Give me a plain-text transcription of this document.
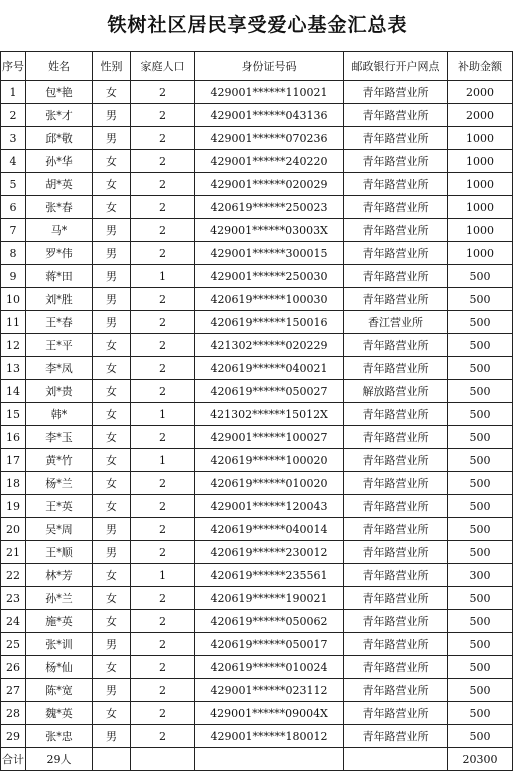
铁树社区居民享受爱心基金汇总表
序号	姓名	性别	家庭人口	身份证号码	邮政银行开户网点	补助金额
1	包*艳	女	2	429001******110021	青年路营业所	2000
2	张*才	男	2	429001******043136	青年路营业所	2000
3	邱*敬	男	2	429001******070236	青年路营业所	1000
4	孙*华	女	2	429001******240220	青年路营业所	1000
5	胡*英	女	2	429001******020029	青年路营业所	1000
6	张*春	女	2	420619******250023	青年路营业所	1000
7	马*	男	2	429001******03003X	青年路营业所	1000
8	罗*伟	男	2	429001******300015	青年路营业所	1000
9	蒋*田	男	1	429001******250030	青年路营业所	500
10	刘*胜	男	2	420619******100030	青年路营业所	500
11	王*春	男	2	420619******150016	香江营业所	500
12	王*平	女	2	421302******020229	青年路营业所	500
13	李*凤	女	2	420619******040021	青年路营业所	500
14	刘*贵	女	2	420619******050027	解放路营业所	500
15	韩*	女	1	421302******15012X	青年路营业所	500
16	李*玉	女	2	429001******100027	青年路营业所	500
17	黄*竹	女	1	420619******100020	青年路营业所	500
18	杨*兰	女	2	420619******010020	青年路营业所	500
19	王*英	女	2	429001******120043	青年路营业所	500
20	吴*周	男	2	420619******040014	青年路营业所	500
21	王*顺	男	2	420619******230012	青年路营业所	500
22	林*芳	女	1	420619******235561	青年路营业所	300
23	孙*兰	女	2	420619******190021	青年路营业所	500
24	施*英	女	2	420619******050062	青年路营业所	500
25	张*训	男	2	420619******050017	青年路营业所	500
26	杨*仙	女	2	420619******010024	青年路营业所	500
27	陈*宽	男	2	429001******023112	青年路营业所	500
28	魏*英	女	2	429001******09004X	青年路营业所	500
29	张*忠	男	2	429001******180012	青年路营业所	500
合计	29人					20300
